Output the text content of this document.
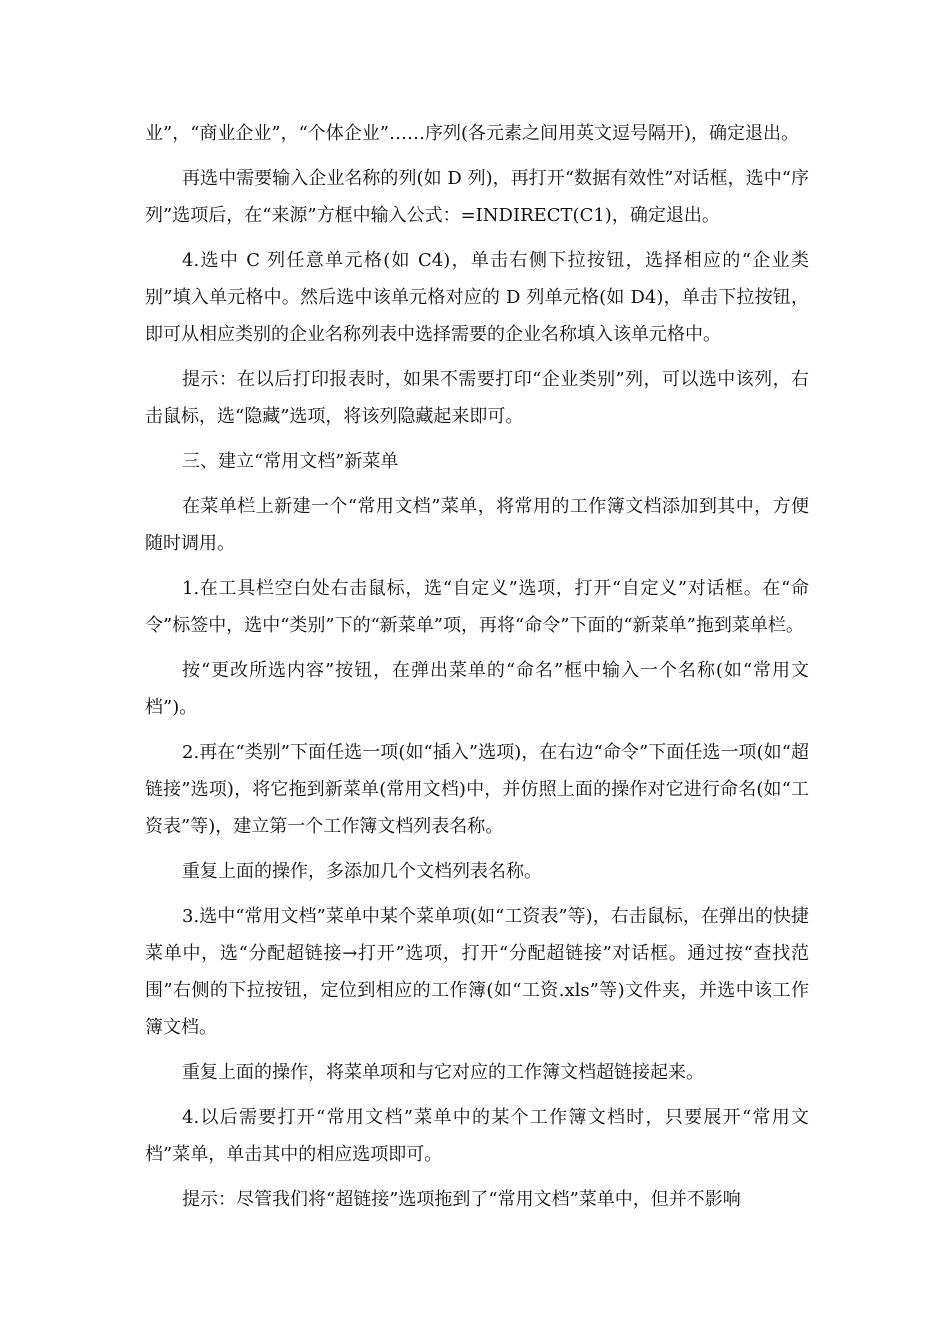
业”，“商业企业”，“个体企业”……序列(各元素之间用英文逗号隔开)，确定退出。

再选中需要输入企业名称的列(如 D 列)，再打开“数据有效性”对话框，选中“序列”选项后，在“来源”方框中输入公式：=INDIRECT(C1)，确定退出。

4.选中 C 列任意单元格(如 C4)，单击右侧下拉按钮，选择相应的“企业类别”填入单元格中。然后选中该单元格对应的 D 列单元格(如 D4)，单击下拉按钮，即可从相应类别的企业名称列表中选择需要的企业名称填入该单元格中。

提示：在以后打印报表时，如果不需要打印“企业类别”列，可以选中该列，右击鼠标，选“隐藏”选项，将该列隐藏起来即可。

三、建立“常用文档”新菜单

在菜单栏上新建一个“常用文档”菜单，将常用的工作簿文档添加到其中，方便随时调用。

1.在工具栏空白处右击鼠标，选“自定义”选项，打开“自定义”对话框。在“命令”标签中，选中“类别”下的“新菜单”项，再将“命令”下面的“新菜单”拖到菜单栏。

按“更改所选内容”按钮，在弹出菜单的“命名”框中输入一个名称(如“常用文档”)。

2.再在“类别”下面任选一项(如“插入”选项)，在右边“命令”下面任选一项(如“超链接”选项)，将它拖到新菜单(常用文档)中，并仿照上面的操作对它进行命名(如“工资表”等)，建立第一个工作簿文档列表名称。

重复上面的操作，多添加几个文档列表名称。

3.选中“常用文档”菜单中某个菜单项(如“工资表”等)，右击鼠标，在弹出的快捷菜单中，选“分配超链接→打开”选项，打开“分配超链接”对话框。通过按“查找范围”右侧的下拉按钮，定位到相应的工作簿(如“工资.xls”等)文件夹，并选中该工作簿文档。

重复上面的操作，将菜单项和与它对应的工作簿文档超链接起来。

4.以后需要打开“常用文档”菜单中的某个工作簿文档时，只要展开“常用文档”菜单，单击其中的相应选项即可。

提示：尽管我们将“超链接”选项拖到了“常用文档”菜单中，但并不影响
